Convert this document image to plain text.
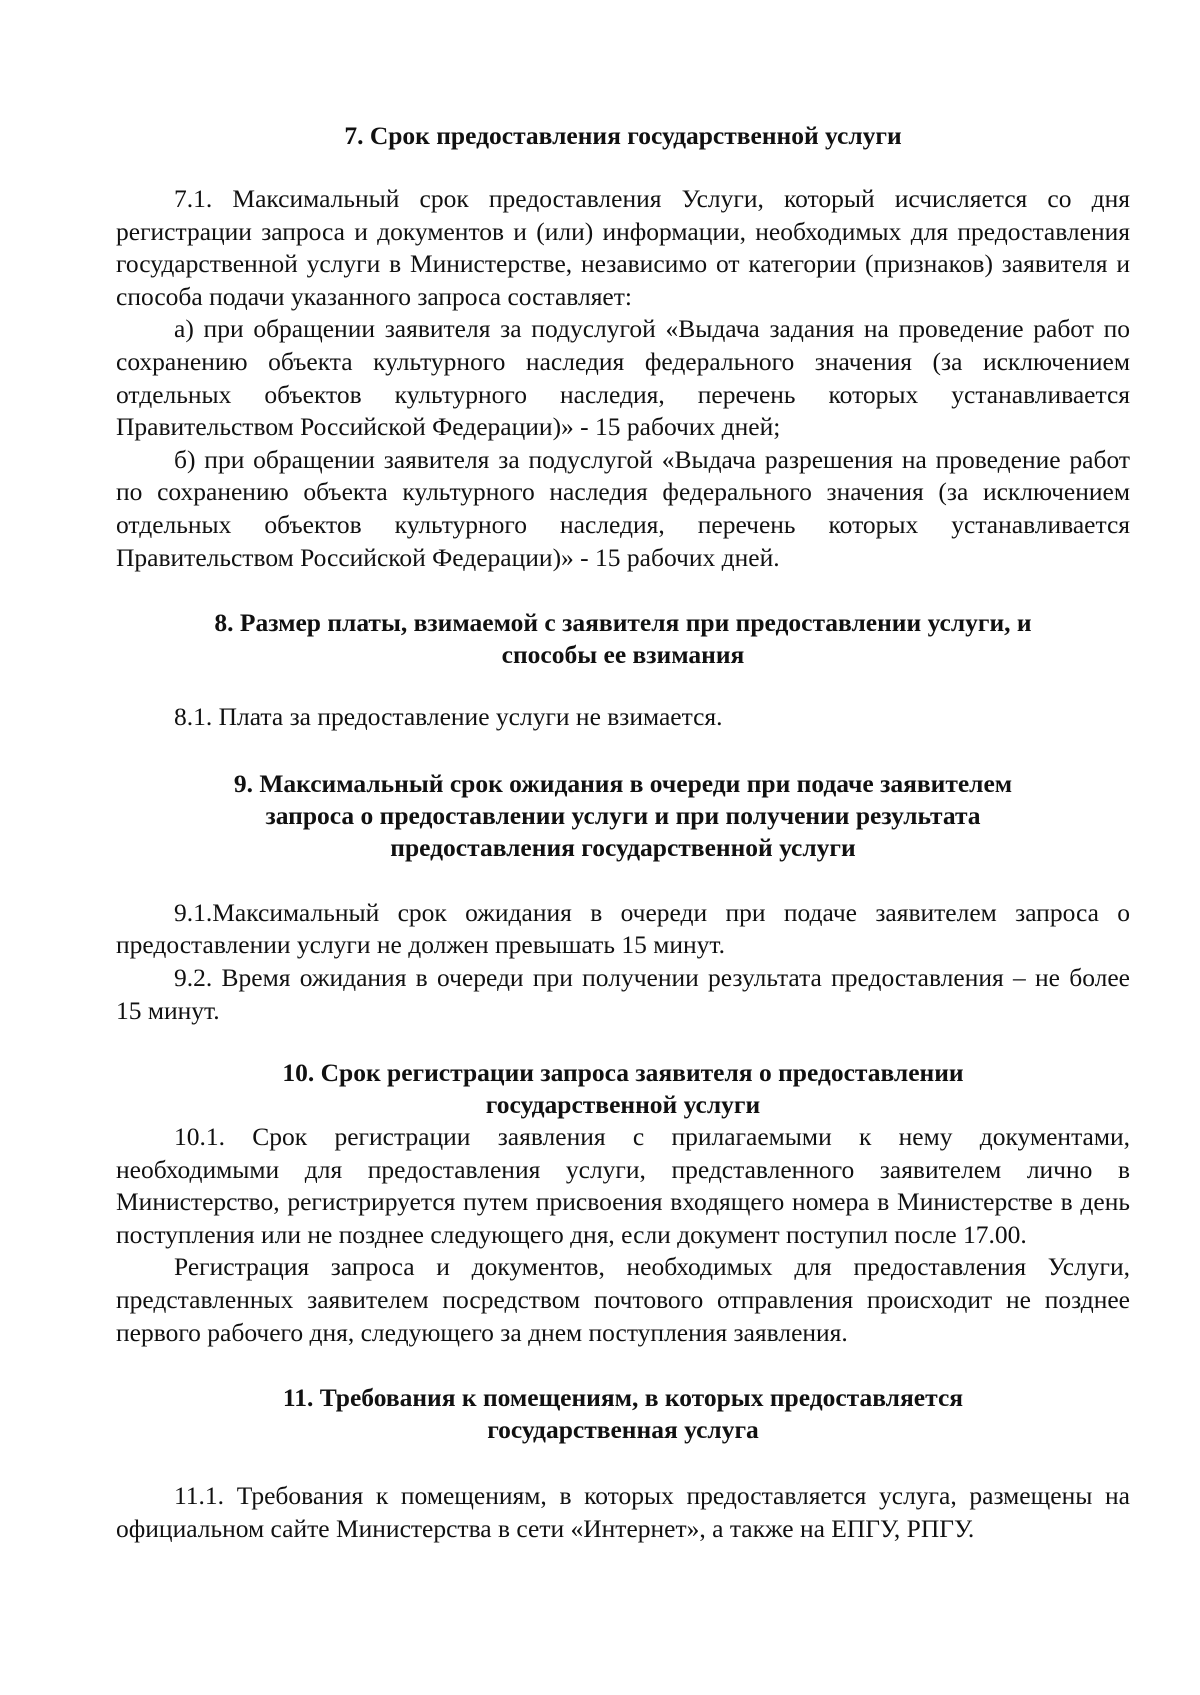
7. Срок предоставления государственной услуги

7.1. Максимальный срок предоставления Услуги, который исчисляется со дня регистрации запроса и документов и (или) информации, необходимых для предоставления государственной услуги в Министерстве, независимо от категории (признаков) заявителя и способа подачи указанного запроса составляет:

а) при обращении заявителя за подуслугой «Выдача задания на проведение работ по сохранению объекта культурного наследия федерального значения (за исключением отдельных объектов культурного наследия, перечень которых устанавливается Правительством Российской Федерации)» - 15 рабочих дней;

б) при обращении заявителя за подуслугой «Выдача разрешения на проведение работ по сохранению объекта культурного наследия федерального значения (за исключением отдельных объектов культурного наследия, перечень которых устанавливается Правительством Российской Федерации)» - 15 рабочих дней.

8. Размер платы, взимаемой с заявителя при предоставлении услуги, и
способы ее взимания

8.1. Плата за предоставление услуги не взимается.

9. Максимальный срок ожидания в очереди при подаче заявителем
запроса о предоставлении услуги и при получении результата
предоставления государственной услуги

9.1.Максимальный срок ожидания в очереди при подаче заявителем запроса о предоставлении услуги не должен превышать 15 минут.

9.2. Время ожидания в очереди при получении результата предоставления – не более 15 минут.

10. Срок регистрации запроса заявителя о предоставлении
государственной услуги

10.1. Срок регистрации заявления с прилагаемыми к нему документами, необходимыми для предоставления услуги, представленного заявителем лично в Министерство, регистрируется путем присвоения входящего номера в Министерстве в день поступления или не позднее следующего дня, если документ поступил после 17.00.

Регистрация запроса и документов, необходимых для предоставления Услуги, представленных заявителем посредством почтового отправления происходит не позднее первого рабочего дня, следующего за днем поступления заявления.

11. Требования к помещениям, в которых предоставляется
государственная услуга

11.1. Требования к помещениям, в которых предоставляется услуга, размещены на официальном сайте Министерства в сети «Интернет», а также на ЕПГУ, РПГУ.
